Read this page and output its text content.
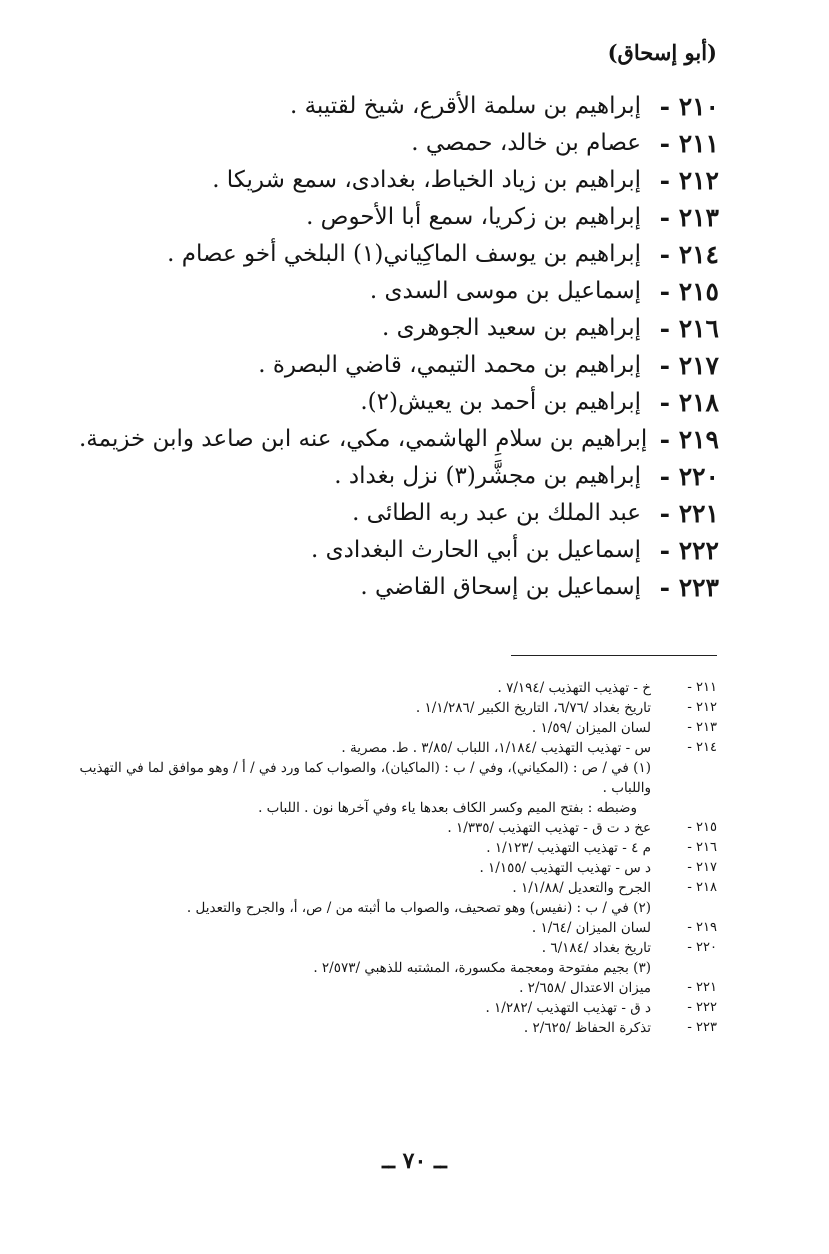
(أبو إسحاق)
٢١٠ -
إبراهيم بن سلمة الأقرع، شيخ لقتيبة .
٢١١ -
عصام بن خالد، حمصي .
٢١٢ -
إبراهيم بن زياد الخياط، بغدادى، سمع شريكا .
٢١٣ -
إبراهيم بن زكريا، سمع أبا الأحوص .
٢١٤ -
إبراهيم بن يوسف الماكِياني(١) البلخي أخو عصام .
٢١٥ -
إسماعيل بن موسى السدى .
٢١٦ -
إبراهيم بن سعيد الجوهرى .
٢١٧ -
إبراهيم بن محمد التيمي، قاضي البصرة .
٢١٨ -
إبراهيم بن أحمد بن يعيش(٢).
٢١٩ -
إبراهيم بن سلامِ الهاشمي، مكي، عنه ابن صاعد وابن خزيمة.
٢٢٠ -
إبراهيم بن مجشَّر(٣) نزل بغداد .
٢٢١ -
عبد الملك بن عبد ربه الطائى .
٢٢٢ -
إسماعيل بن أبي الحارث البغدادى .
٢٢٣ -
إسماعيل بن إسحاق القاضي .
٢١١ -
خ - تهذيب التهذيب /٧/١٩٤ .
٢١٢ -
تاريخ بغداد /٦/٧٦، التاريخ الكبير /١/١/٢٨٦ .
٢١٣ -
لسان الميزان /١/٥٩ .
٢١٤ -
س - تهذيب التهذيب /١/١٨٤، اللباب /٣/٨٥ . ط. مصرية .
(١) في / ص : (المكياني)، وفي / ب : (الماكيان)، والصواب كما ورد في / أ / وهو موافق لما في التهذيب واللباب .
وضبطه : بفتح الميم وكسر الكاف بعدها ياء وفي آخرها نون . اللباب .
٢١٥ -
عخ د ت ق - تهذيب التهذيب /١/٣٣٥ .
٢١٦ -
م ٤ - تهذيب التهذيب /١/١٢٣ .
٢١٧ -
د س - تهذيب التهذيب /١/١٥٥ .
٢١٨ -
الجرح والتعديل /١/١/٨٨ .
(٢) في / ب : (نفيس) وهو تصحيف، والصواب ما أثبته من / ص، أ، والجرح والتعديل .
٢١٩ -
لسان الميزان /١/٦٤ .
٢٢٠ -
تاريخ بغداد /٦/١٨٤ .
(٣) بجيم مفتوحة ومعجمة مكسورة، المشتبه للذهبي /٢/٥٧٣ .
٢٢١ -
ميزان الاعتدال /٢/٦٥٨ .
٢٢٢ -
د ق - تهذيب التهذيب /١/٢٨٢ .
٢٢٣ -
تذكرة الحفاظ /٢/٦٢٥ .
ــ ٧٠ ــ
